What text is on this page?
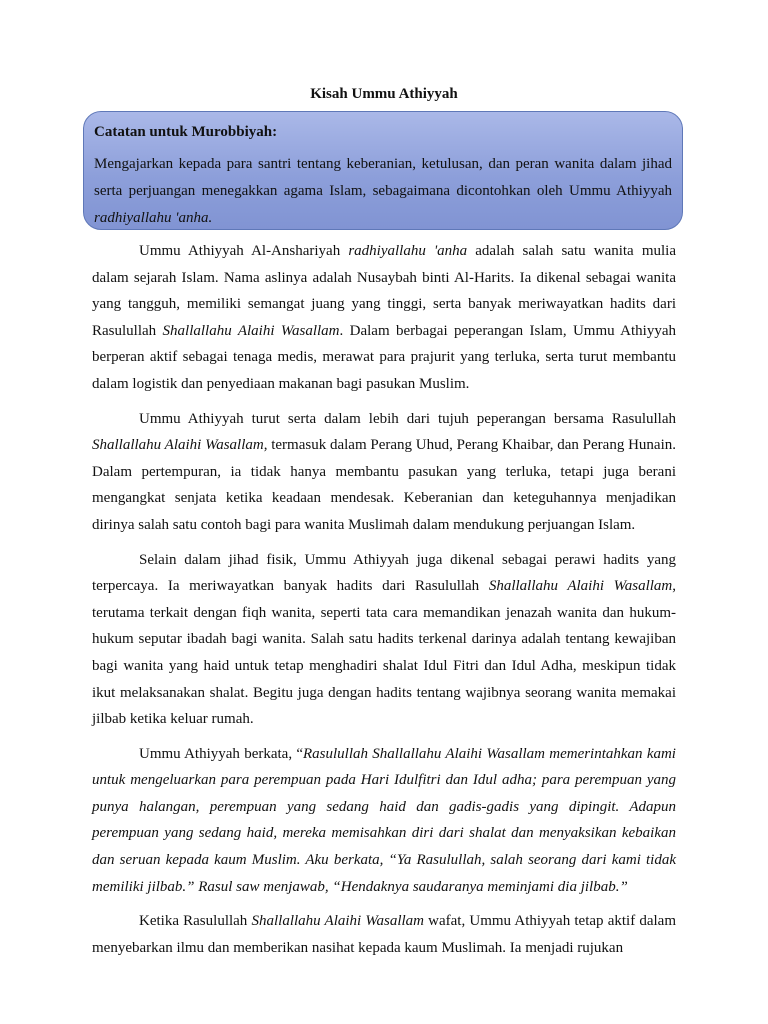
Kisah Ummu Athiyyah
Catatan untuk Murobbiyah:
Mengajarkan kepada para santri tentang keberanian, ketulusan, dan peran wanita dalam jihad serta perjuangan menegakkan agama Islam, sebagaimana dicontohkan oleh Ummu Athiyyah radhiyallahu 'anha.

Ummu Athiyyah Al-Anshariyah radhiyallahu 'anha adalah salah satu wanita mulia dalam sejarah Islam. Nama aslinya adalah Nusaybah binti Al-Harits. Ia dikenal sebagai wanita yang tangguh, memiliki semangat juang yang tinggi, serta banyak meriwayatkan hadits dari Rasulullah Shallallahu Alaihi Wasallam. Dalam berbagai peperangan Islam, Ummu Athiyyah berperan aktif sebagai tenaga medis, merawat para prajurit yang terluka, serta turut membantu dalam logistik dan penyediaan makanan bagi pasukan Muslim.

Ummu Athiyyah turut serta dalam lebih dari tujuh peperangan bersama Rasulullah Shallallahu Alaihi Wasallam, termasuk dalam Perang Uhud, Perang Khaibar, dan Perang Hunain. Dalam pertempuran, ia tidak hanya membantu pasukan yang terluka, tetapi juga berani mengangkat senjata ketika keadaan mendesak. Keberanian dan keteguhannya menjadikan dirinya salah satu contoh bagi para wanita Muslimah dalam mendukung perjuangan Islam.

Selain dalam jihad fisik, Ummu Athiyyah juga dikenal sebagai perawi hadits yang terpercaya. Ia meriwayatkan banyak hadits dari Rasulullah Shallallahu Alaihi Wasallam, terutama terkait dengan fiqh wanita, seperti tata cara memandikan jenazah wanita dan hukum-hukum seputar ibadah bagi wanita. Salah satu hadits terkenal darinya adalah tentang kewajiban bagi wanita yang haid untuk tetap menghadiri shalat Idul Fitri dan Idul Adha, meskipun tidak ikut melaksanakan shalat. Begitu juga dengan hadits tentang wajibnya seorang wanita memakai jilbab ketika keluar rumah.

Ummu Athiyyah berkata, “Rasulullah Shallallahu Alaihi Wasallam memerintahkan kami untuk mengeluarkan para perempuan pada Hari Idulfitri dan Idul adha; para perempuan yang punya halangan, perempuan yang sedang haid dan gadis-gadis yang dipingit. Adapun perempuan yang sedang haid, mereka memisahkan diri dari shalat dan menyaksikan kebaikan dan seruan kepada kaum Muslim. Aku berkata, “Ya Rasulullah, salah seorang dari kami tidak memiliki jilbab.” Rasul saw menjawab, “Hendaknya saudaranya meminjami dia jilbab.”

Ketika Rasulullah Shallallahu Alaihi Wasallam wafat, Ummu Athiyyah tetap aktif dalam menyebarkan ilmu dan memberikan nasihat kepada kaum Muslimah. Ia menjadi rujukan
